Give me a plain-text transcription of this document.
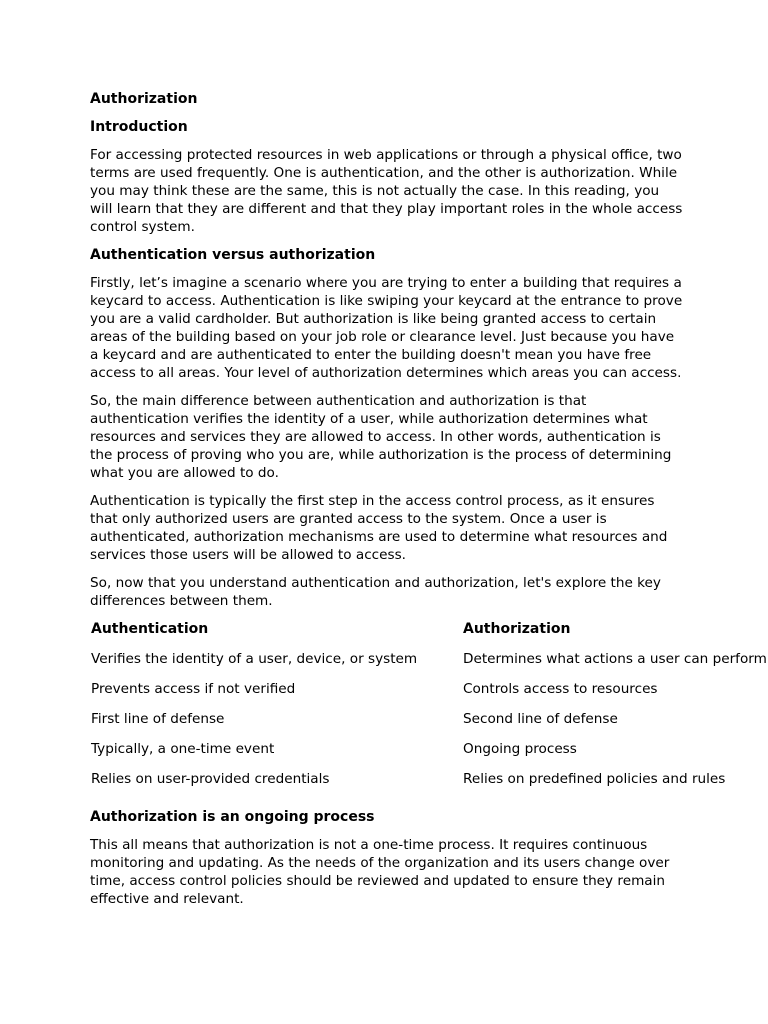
Authorization
Introduction
For accessing protected resources in web applications or through a physical office, two terms are used frequently. One is authentication, and the other is authorization. While you may think these are the same, this is not actually the case. In this reading, you will learn that they are different and that they play important roles in the whole access control system.
Authentication versus authorization
Firstly, let’s imagine a scenario where you are trying to enter a building that requires a keycard to access. Authentication is like swiping your keycard at the entrance to prove you are a valid cardholder. But authorization is like being granted access to certain areas of the building based on your job role or clearance level. Just because you have a keycard and are authenticated to enter the building doesn't mean you have free access to all areas. Your level of authorization determines which areas you can access.
So, the main difference between authentication and authorization is that authentication verifies the identity of a user, while authorization determines what resources and services they are allowed to access. In other words, authentication is the process of proving who you are, while authorization is the process of determining what you are allowed to do.
Authentication is typically the first step in the access control process, as it ensures that only authorized users are granted access to the system. Once a user is authenticated, authorization mechanisms are used to determine what resources and services those users will be allowed to access.
So, now that you understand authentication and authorization, let's explore the key differences between them.
Authentication	Authorization
Verifies the identity of a user, device, or system	Determines what actions a user can perform
Prevents access if not verified	Controls access to resources
First line of defense	Second line of defense
Typically, a one-time event	Ongoing process
Relies on user-provided credentials	Relies on predefined policies and rules
Authorization is an ongoing process
This all means that authorization is not a one-time process. It requires continuous monitoring and updating. As the needs of the organization and its users change over time, access control policies should be reviewed and updated to ensure they remain effective and relevant.
